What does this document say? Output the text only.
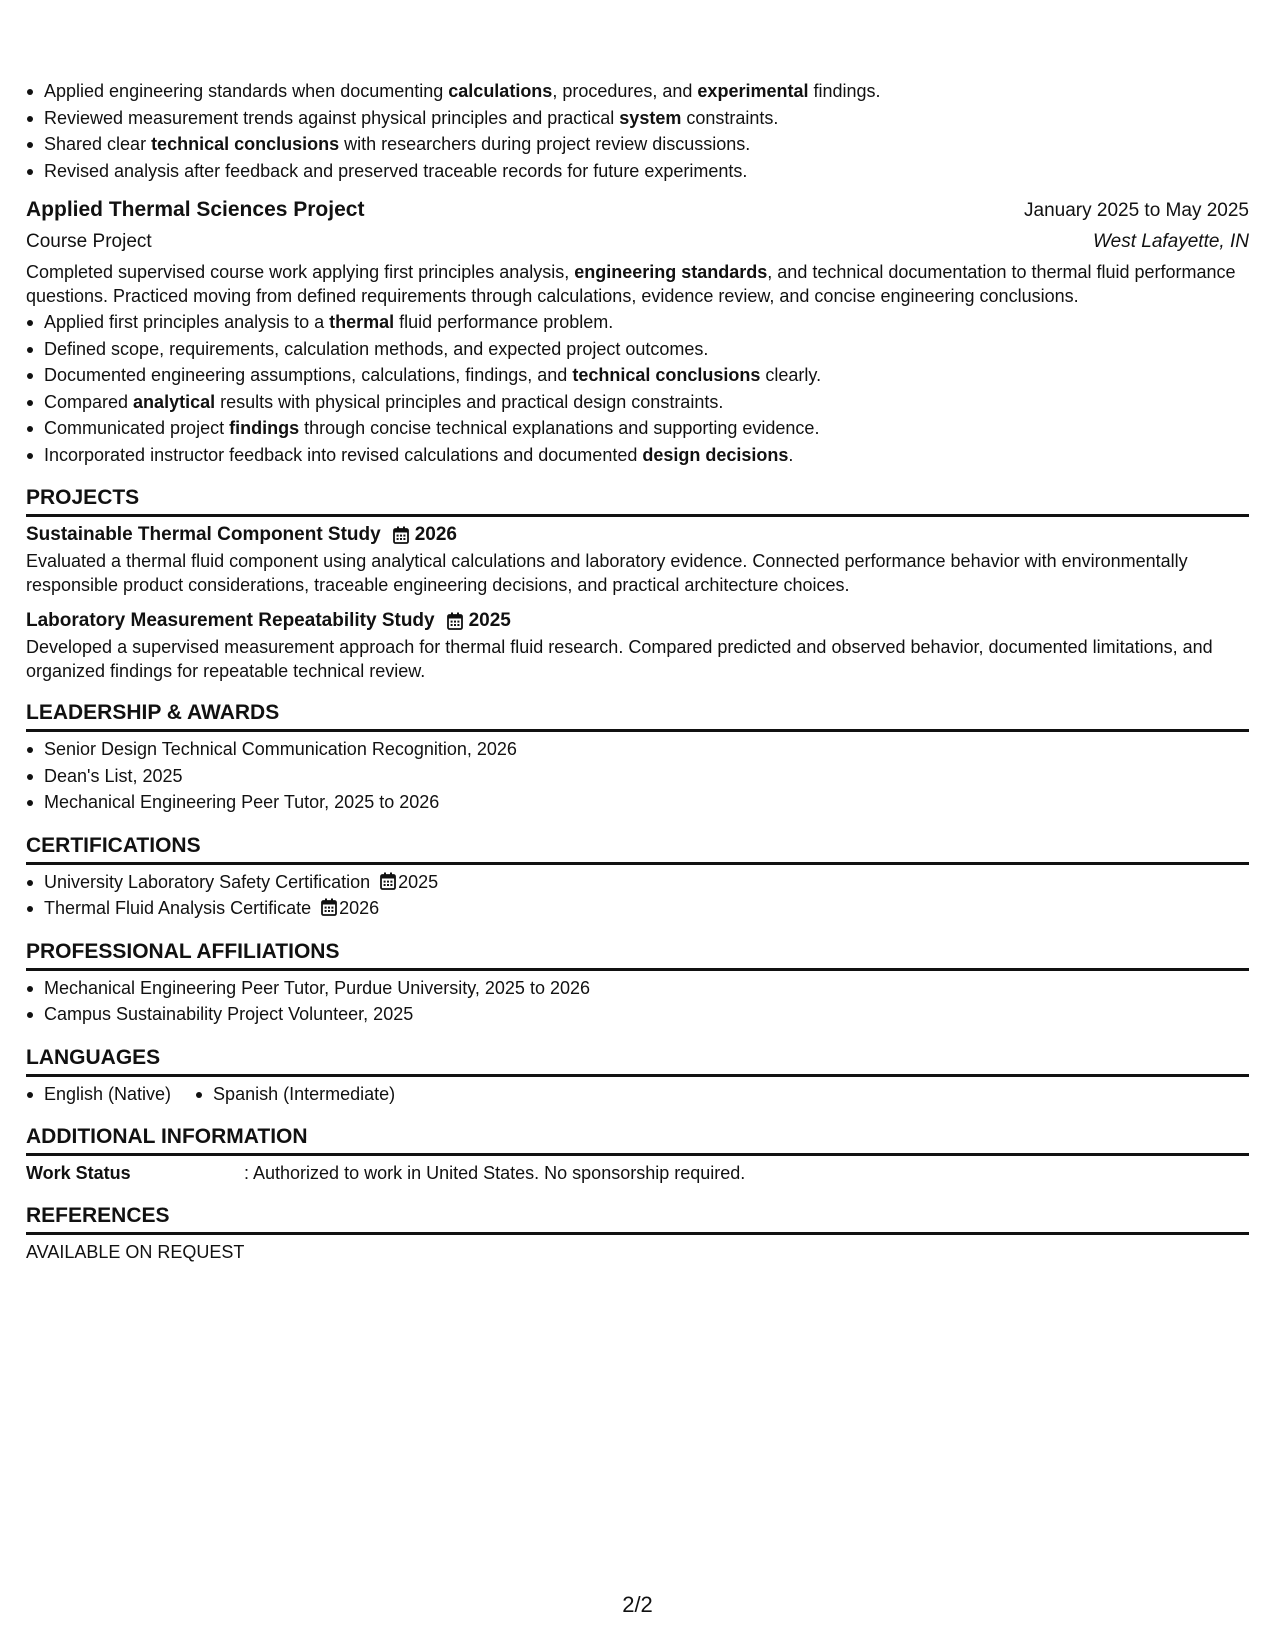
Applied engineering standards when documenting calculations, procedures, and experimental findings.
Reviewed measurement trends against physical principles and practical system constraints.
Shared clear technical conclusions with researchers during project review discussions.
Revised analysis after feedback and preserved traceable records for future experiments.
Applied Thermal Sciences Project	January 2025 to May 2025
Course Project	West Lafayette, IN
Completed supervised course work applying first principles analysis, engineering standards, and technical documentation to thermal fluid performance questions. Practiced moving from defined requirements through calculations, evidence review, and concise engineering conclusions.
Applied first principles analysis to a thermal fluid performance problem.
Defined scope, requirements, calculation methods, and expected project outcomes.
Documented engineering assumptions, calculations, findings, and technical conclusions clearly.
Compared analytical results with physical principles and practical design constraints.
Communicated project findings through concise technical explanations and supporting evidence.
Incorporated instructor feedback into revised calculations and documented design decisions.
PROJECTS
Sustainable Thermal Component Study 2026
Evaluated a thermal fluid component using analytical calculations and laboratory evidence. Connected performance behavior with environmentally responsible product considerations, traceable engineering decisions, and practical architecture choices.
Laboratory Measurement Repeatability Study 2025
Developed a supervised measurement approach for thermal fluid research. Compared predicted and observed behavior, documented limitations, and organized findings for repeatable technical review.
LEADERSHIP & AWARDS
Senior Design Technical Communication Recognition, 2026
Dean's List, 2025
Mechanical Engineering Peer Tutor, 2025 to 2026
CERTIFICATIONS
University Laboratory Safety Certification 2025
Thermal Fluid Analysis Certificate 2026
PROFESSIONAL AFFILIATIONS
Mechanical Engineering Peer Tutor, Purdue University, 2025 to 2026
Campus Sustainability Project Volunteer, 2025
LANGUAGES
English (Native)	Spanish (Intermediate)
ADDITIONAL INFORMATION
Work Status	: Authorized to work in United States. No sponsorship required.
REFERENCES
AVAILABLE ON REQUEST
2/2
